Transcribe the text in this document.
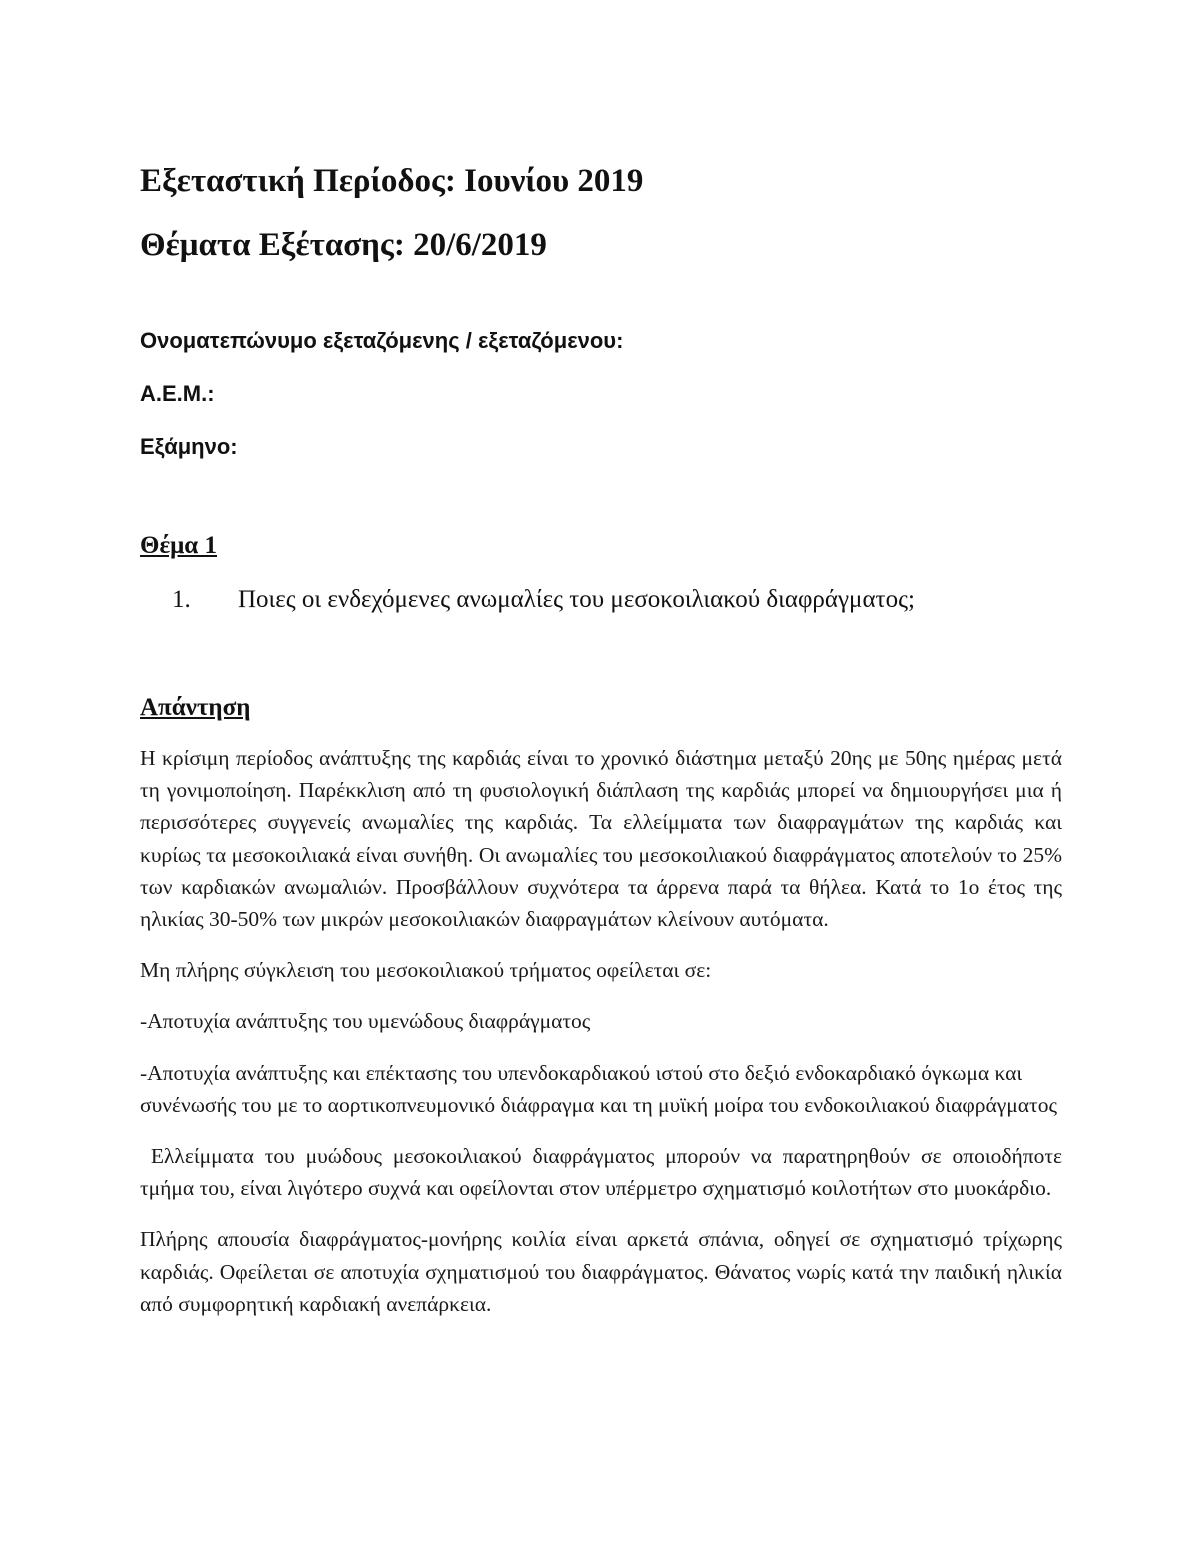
Εξεταστική Περίοδος: Ιουνίου 2019
Θέματα Εξέτασης: 20/6/2019
Ονοματεπώνυμο εξεταζόμενης / εξεταζόμενου:
Α.Ε.Μ.:
Εξάμηνο:
Θέμα 1
1. Ποιες οι ενδεχόμενες ανωμαλίες του μεσοκοιλιακού διαφράγματος;
Απάντηση

Η κρίσιμη περίοδος ανάπτυξης της καρδιάς είναι το χρονικό διάστημα μεταξύ 20ης με 50ης ημέρας μετά τη γονιμοποίηση. Παρέκκλιση από τη φυσιολογική διάπλαση της καρδιάς μπορεί να δημιουργήσει μια ή περισσότερες συγγενείς ανωμαλίες της καρδιάς. Τα ελλείμματα των διαφραγμάτων της καρδιάς και κυρίως τα μεσοκοιλιακά είναι συνήθη. Οι ανωμαλίες του μεσοκοιλιακού διαφράγματος αποτελούν το 25% των καρδιακών ανωμαλιών. Προσβάλλουν συχνότερα τα άρρενα παρά τα θήλεα. Κατά το 1ο έτος της ηλικίας 30-50% των μικρών μεσοκοιλιακών διαφραγμάτων κλείνουν αυτόματα.

Μη πλήρης σύγκλειση του μεσοκοιλιακού τρήματος οφείλεται σε:

-Αποτυχία ανάπτυξης του υμενώδους διαφράγματος

-Αποτυχία ανάπτυξης και επέκτασης του υπενδοκαρδιακού ιστού στο δεξιό ενδοκαρδιακό όγκωμα και συνένωσής του με το αορτικοπνευμονικό διάφραγμα και τη μυϊκή μοίρα του ενδοκοιλιακού διαφράγματος

Ελλείμματα του μυώδους μεσοκοιλιακού διαφράγματος μπορούν να παρατηρηθούν σε οποιοδήποτε τμήμα του, είναι λιγότερο συχνά και οφείλονται στον υπέρμετρο σχηματισμό κοιλοτήτων στο μυοκάρδιο.

Πλήρης απουσία διαφράγματος-μονήρης κοιλία είναι αρκετά σπάνια, οδηγεί σε σχηματισμό τρίχωρης καρδιάς. Οφείλεται σε αποτυχία σχηματισμού του διαφράγματος. Θάνατος νωρίς κατά την παιδική ηλικία από συμφορητική καρδιακή ανεπάρκεια.
